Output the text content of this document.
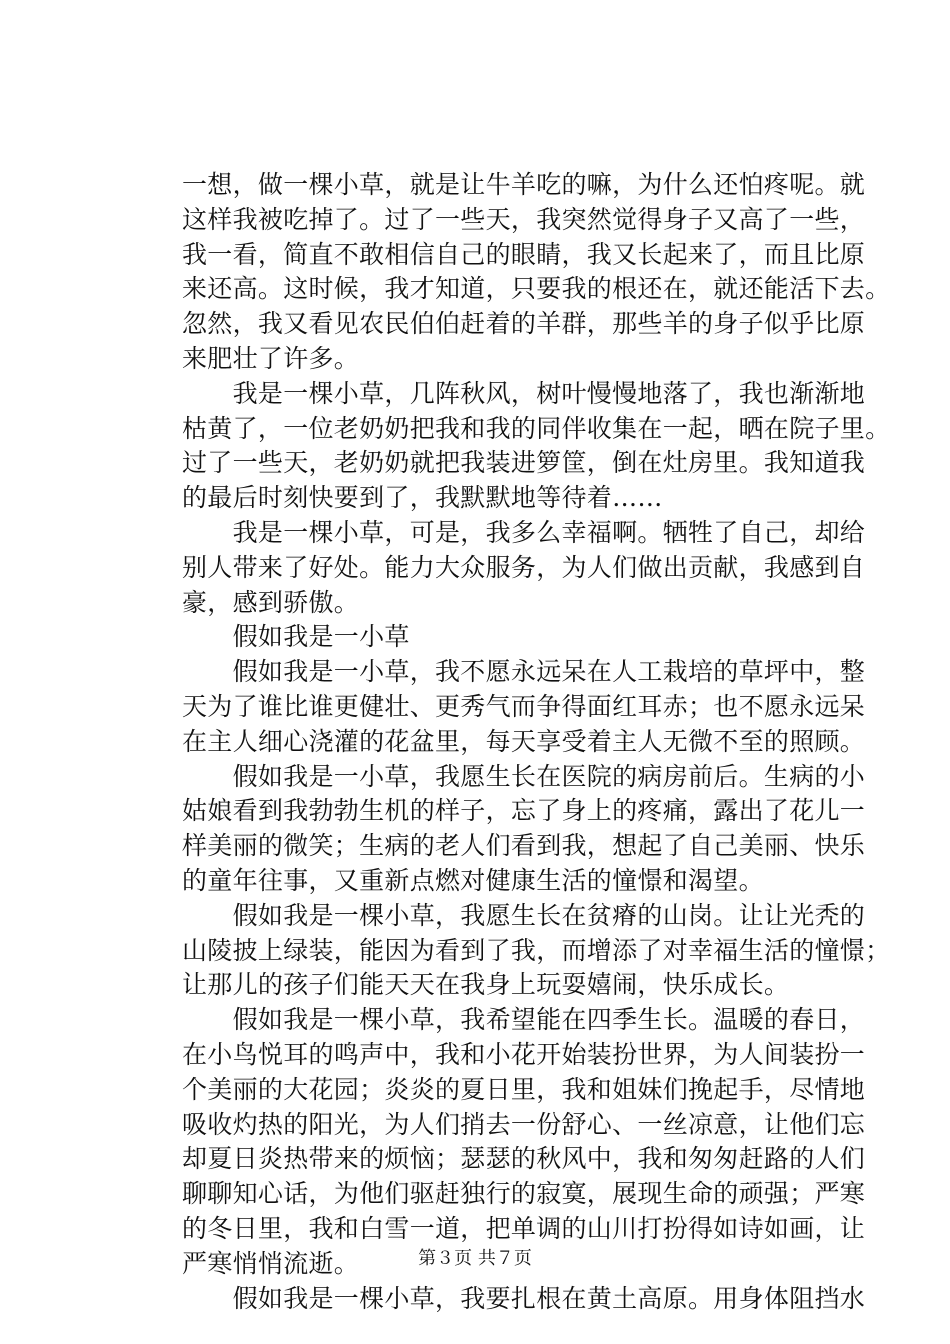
一想，做一棵小草，就是让牛羊吃的嘛，为什么还怕疼呢。就
这样我被吃掉了。过了一些天，我突然觉得身子又高了一些，
我一看，简直不敢相信自己的眼睛，我又长起来了，而且比原
来还高。这时候，我才知道，只要我的根还在，就还能活下去。
忽然，我又看见农民伯伯赶着的羊群，那些羊的身子似乎比原
来肥壮了许多。
　　我是一棵小草，几阵秋风，树叶慢慢地落了，我也渐渐地
枯黄了，一位老奶奶把我和我的同伴收集在一起，晒在院子里。
过了一些天，老奶奶就把我装进箩筐，倒在灶房里。我知道我
的最后时刻快要到了，我默默地等待着……
　　我是一棵小草，可是，我多么幸福啊。牺牲了自己，却给
别人带来了好处。能力大众服务，为人们做出贡献，我感到自
豪，感到骄傲。
　　假如我是一小草
　　假如我是一小草，我不愿永远呆在人工栽培的草坪中，整
天为了谁比谁更健壮、更秀气而争得面红耳赤；也不愿永远呆
在主人细心浇灌的花盆里，每天享受着主人无微不至的照顾。
　　假如我是一小草，我愿生长在医院的病房前后。生病的小
姑娘看到我勃勃生机的样子，忘了身上的疼痛，露出了花儿一
样美丽的微笑；生病的老人们看到我，想起了自己美丽、快乐
的童年往事，又重新点燃对健康生活的憧憬和渴望。
　　假如我是一棵小草，我愿生长在贫瘠的山岗。让让光秃的
山陵披上绿装，能因为看到了我，而增添了对幸福生活的憧憬；
让那儿的孩子们能天天在我身上玩耍嬉闹，快乐成长。
　　假如我是一棵小草，我希望能在四季生长。温暖的春日，
在小鸟悦耳的鸣声中，我和小花开始装扮世界，为人间装扮一
个美丽的大花园；炎炎的夏日里，我和姐妹们挽起手，尽情地
吸收灼热的阳光，为人们捎去一份舒心、一丝凉意，让他们忘
却夏日炎热带来的烦恼；瑟瑟的秋风中，我和匆匆赶路的人们
聊聊知心话，为他们驱赶独行的寂寞，展现生命的顽强；严寒
的冬日里，我和白雪一道，把单调的山川打扮得如诗如画，让
严寒悄悄流逝。
　　假如我是一棵小草，我要扎根在黄土高原。用身体阻挡水
第３页 共７页
